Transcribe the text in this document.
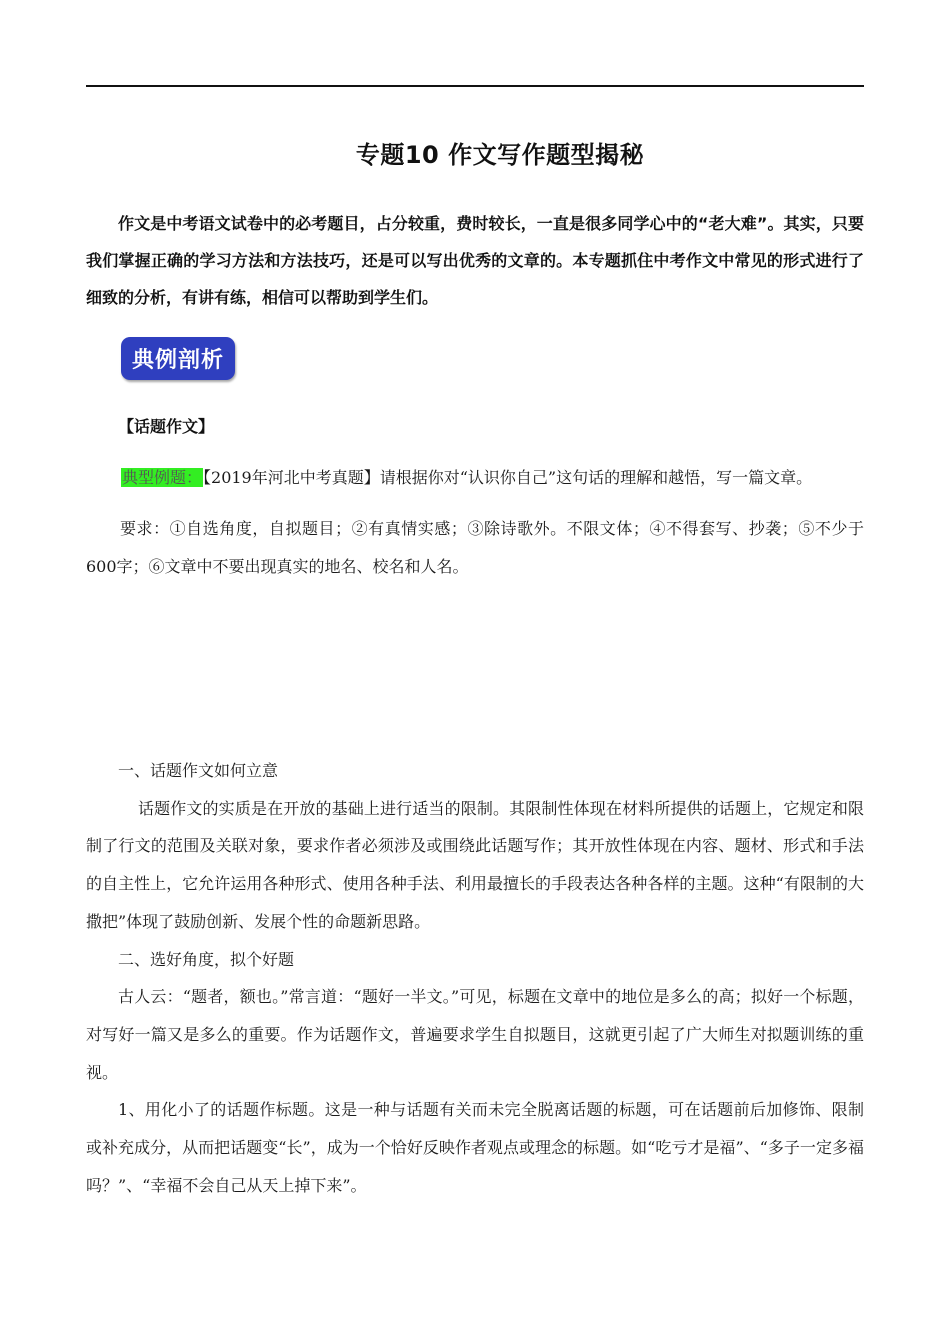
专题10 作文写作题型揭秘
作文是中考语文试卷中的必考题目，占分较重，费时较长，一直是很多同学心中的“老大难”。其实，只要我们掌握正确的学习方法和方法技巧，还是可以写出优秀的文章的。本专题抓住中考作文中常见的形式进行了细致的分析，有讲有练，相信可以帮助到学生们。
典例剖析
【话题作文】
典型例题：【2019年河北中考真题】请根据你对“认识你自己”这句话的理解和越悟，写一篇文章。
要求：①自选角度，自拟题目；②有真情实感；③除诗歌外。不限文体；④不得套写、抄袭；⑤不少于600字；⑥文章中不要出现真实的地名、校名和人名。

一、话题作文如何立意

话题作文的实质是在开放的基础上进行适当的限制。其限制性体现在材料所提供的话题上，它规定和限制了行文的范围及关联对象，要求作者必须涉及或围绕此话题写作；其开放性体现在内容、题材、形式和手法的自主性上，它允许运用各种形式、使用各种手法、利用最擅长的手段表达各种各样的主题。这种“有限制的大撒把”体现了鼓励创新、发展个性的命题新思路。

二、选好角度，拟个好题

古人云：“题者，额也。”常言道：“题好一半文。”可见，标题在文章中的地位是多么的高；拟好一个标题，对写好一篇又是多么的重要。作为话题作文，普遍要求学生自拟题目，这就更引起了广大师生对拟题训练的重视。

1、用化小了的话题作标题。这是一种与话题有关而未完全脱离话题的标题，可在话题前后加修饰、限制或补充成分，从而把话题变“长”，成为一个恰好反映作者观点或理念的标题。如“吃亏才是福”、“多子一定多福吗？”、“幸福不会自己从天上掉下来”。
